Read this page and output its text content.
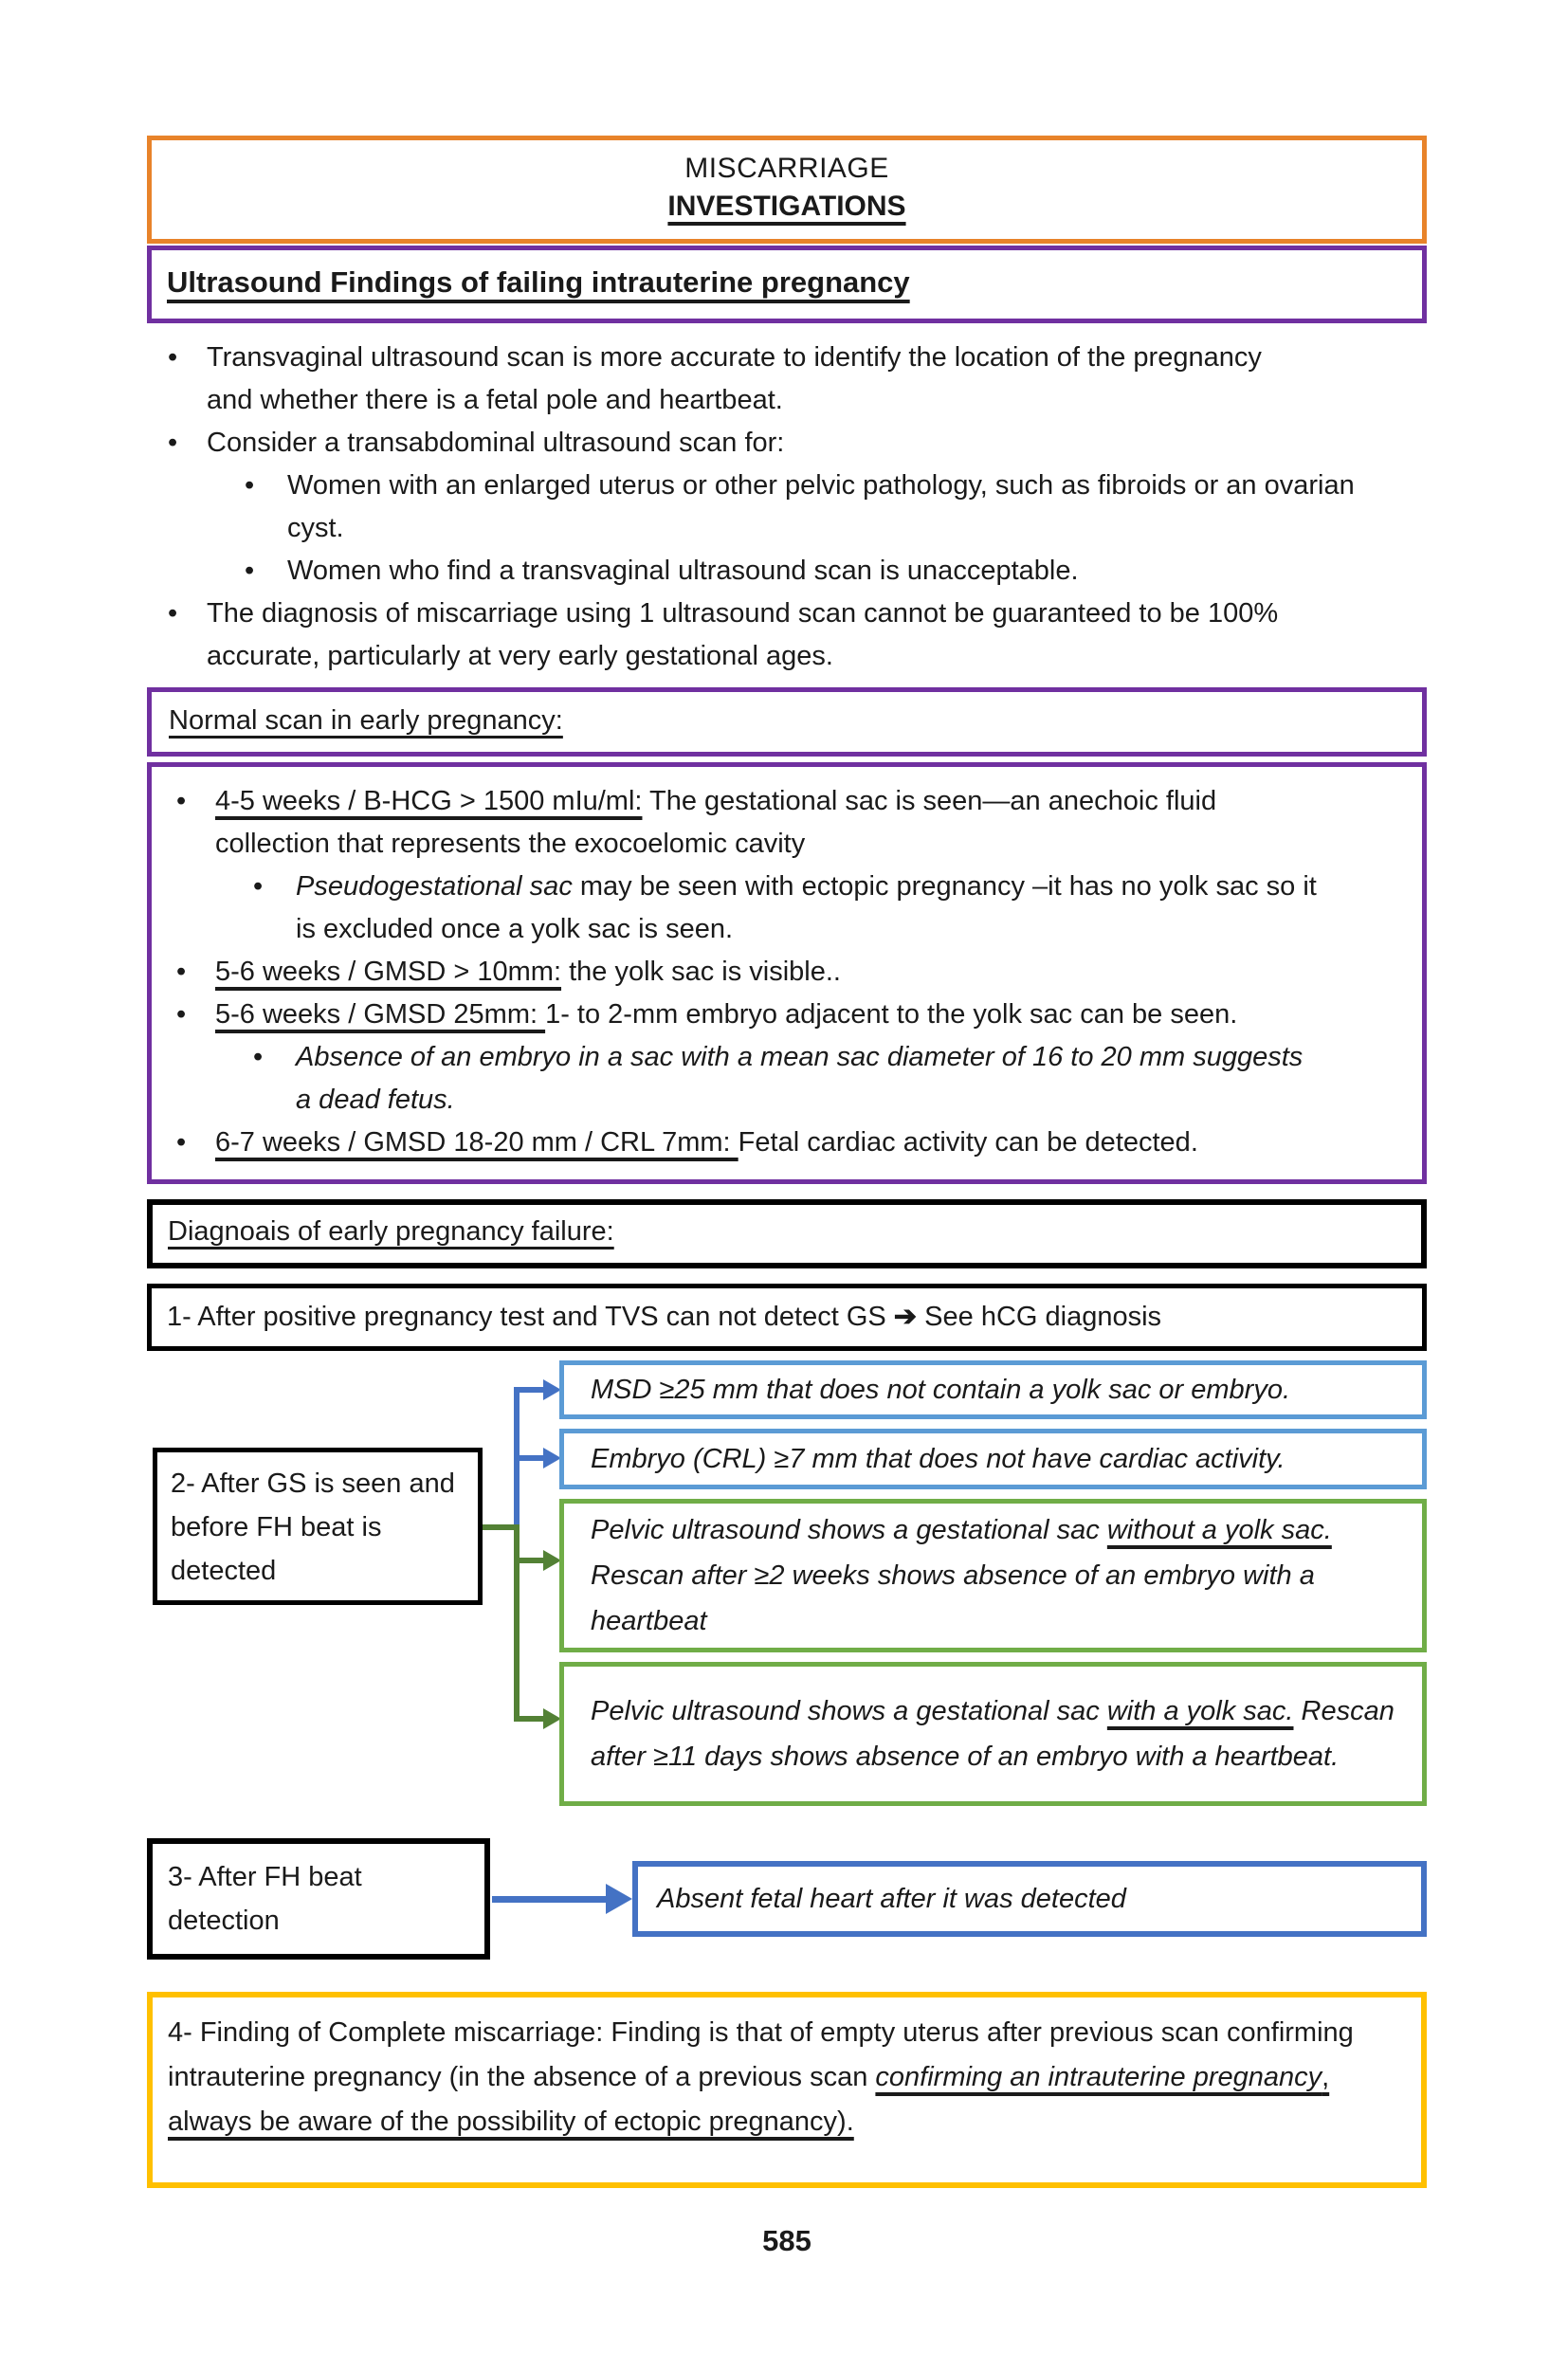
MISCARRIAGE
INVESTIGATIONS
Ultrasound Findings of failing intrauterine pregnancy
• Transvaginal ultrasound scan is more accurate to identify the location of the pregnancy and whether there is a fetal pole and heartbeat.
• Consider a transabdominal ultrasound scan for:
• Women with an enlarged uterus or other pelvic pathology, such as fibroids or an ovarian cyst.
• Women who find a transvaginal ultrasound scan is unacceptable.
• The diagnosis of miscarriage using 1 ultrasound scan cannot be guaranteed to be 100% accurate, particularly at very early gestational ages.
Normal scan in early pregnancy:
• 4-5 weeks / B-HCG > 1500 mIu/ml: The gestational sac is seen—an anechoic fluid collection that represents the exocoelomic cavity
• Pseudogestational sac may be seen with ectopic pregnancy –it has no yolk sac so it is excluded once a yolk sac is seen.
• 5-6 weeks / GMSD > 10mm: the yolk sac is visible..
• 5-6 weeks / GMSD 25mm: 1- to 2-mm embryo adjacent to the yolk sac can be seen.
• Absence of an embryo in a sac with a mean sac diameter of 16 to 20 mm suggests a dead fetus.
• 6-7 weeks / GMSD 18-20 mm / CRL 7mm: Fetal cardiac activity can be detected.
Diagnoais of early pregnancy failure:
1- After positive pregnancy test and TVS can not detect GS ➔ See hCG diagnosis
2- After GS is seen and before FH beat is detected
MSD ≥25 mm that does not contain a yolk sac or embryo.
Embryo (CRL) ≥7 mm that does not have cardiac activity.
Pelvic ultrasound shows a gestational sac without a yolk sac. Rescan after ≥2 weeks shows absence of an embryo with a heartbeat
Pelvic ultrasound shows a gestational sac with a yolk sac. Rescan after ≥11 days shows absence of an embryo with a heartbeat.
3- After FH beat detection
Absent fetal heart after it was detected
4- Finding of Complete miscarriage: Finding is that of empty uterus after previous scan confirming intrauterine pregnancy (in the absence of a previous scan confirming an intrauterine pregnancy, always be aware of the possibility of ectopic pregnancy).
585
